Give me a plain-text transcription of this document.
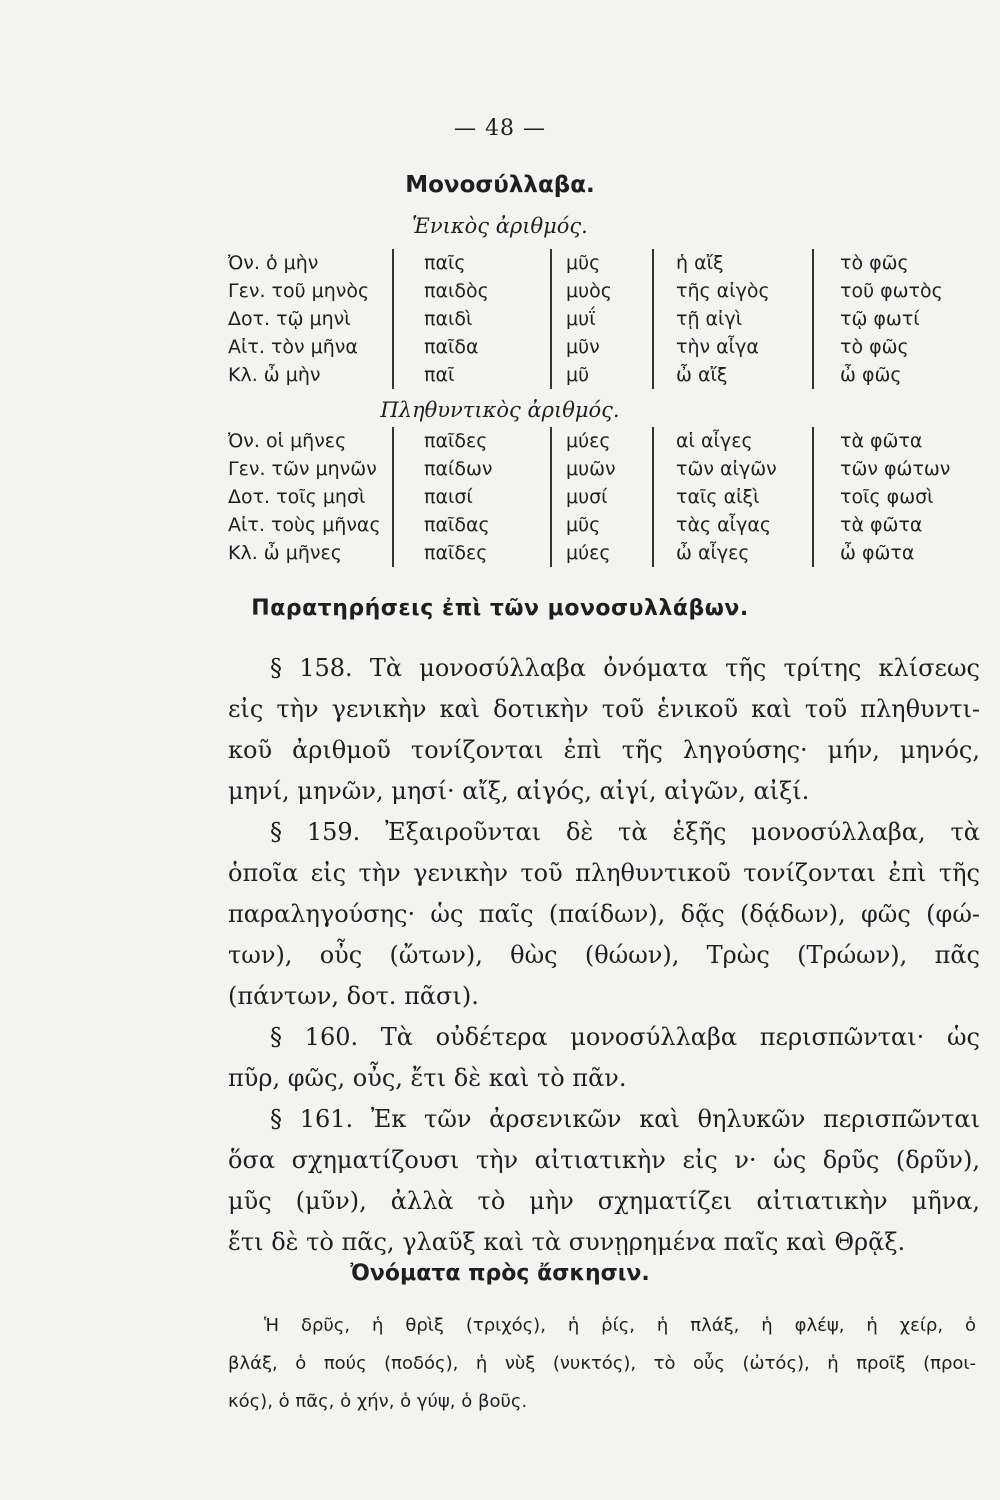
— 48 —
Μονοσύλλαβα.
Ἑνικὸς ἀριθμός.
Ὀν. ὁ μὴν	παῖς	μῦς	ἡ αἴξ	τὸ φῶς
Γεν. τοῦ μηνὸς	παιδὸς	μυὸς	τῆς αἰγὸς	τοῦ φωτὸς
Δοτ. τῷ μηνὶ	παιδὶ	μυΐ	τῇ αἰγὶ	τῷ φωτί
Αἰτ. τὸν μῆνα	παῖδα	μῦν	τὴν αἶγα	τὸ φῶς
Κλ. ὦ μὴν	παῖ	μῦ	ὦ αἴξ	ὦ φῶς
Πληθυντικὸς ἀριθμός.
Ὀν. οἱ μῆνες	παῖδες	μύες	αἱ αἶγες	τὰ φῶτα
Γεν. τῶν μηνῶν	παίδων	μυῶν	τῶν αἰγῶν	τῶν φώτων
Δοτ. τοῖς μησὶ	παισί	μυσί	ταῖς αἰξὶ	τοῖς φωσὶ
Αἰτ. τοὺς μῆνας	παῖδας	μῦς	τὰς αἶγας	τὰ φῶτα
Κλ. ὦ μῆνες	παῖδες	μύες	ὦ αἶγες	ὦ φῶτα
Παρατηρήσεις ἐπὶ τῶν μονοσυλλάβων.
§ 158. Τὰ μονοσύλλαβα ὀνόματα τῆς τρίτης κλίσεως
εἰς τὴν γενικὴν καὶ δοτικὴν τοῦ ἑνικοῦ καὶ τοῦ πληθυντι-
κοῦ ἀριθμοῦ τονίζονται ἐπὶ τῆς ληγούσης· μήν, μηνός,
μηνί, μηνῶν, μησί· αἴξ, αἰγός, αἰγί, αἰγῶν, αἰξί.
§ 159. Ἐξαιροῦνται δὲ τὰ ἑξῆς μονοσύλλαβα, τὰ
ὁποῖα εἰς τὴν γενικὴν τοῦ πληθυντικοῦ τονίζονται ἐπὶ τῆς
παραληγούσης· ὡς παῖς (παίδων), δᾷς (δᾴδων), φῶς (φώ-
των), οὖς (ὤτων), θὼς (θώων), Τρὼς (Τρώων), πᾶς
(πάντων, δοτ. πᾶσι).
§ 160. Τὰ οὐδέτερα μονοσύλλαβα περισπῶνται· ὡς
πῦρ, φῶς, οὖς, ἔτι δὲ καὶ τὸ πᾶν.
§ 161. Ἐκ τῶν ἀρσενικῶν καὶ θηλυκῶν περισπῶνται
ὅσα σχηματίζουσι τὴν αἰτιατικὴν εἰς ν· ὡς δρῦς (δρῦν),
μῦς (μῦν), ἀλλὰ τὸ μὴν σχηματίζει αἰτιατικὴν μῆνα,
ἔτι δὲ τὸ πᾶς, γλαῦξ καὶ τὰ συνῃρημένα παῖς καὶ Θρᾷξ.
Ὀνόματα πρὸς ἄσκησιν.
Ἡ δρῦς, ἡ θρὶξ (τριχός), ἡ ῥίς, ἡ πλάξ, ἡ φλέψ, ἡ χείρ, ὁ
βλάξ, ὁ πούς (ποδός), ἡ νὺξ (νυκτός), τὸ οὖς (ὠτός), ἡ προῖξ (προι-
κός), ὁ πᾶς, ὁ χήν, ὁ γύψ, ὁ βοῦς.
